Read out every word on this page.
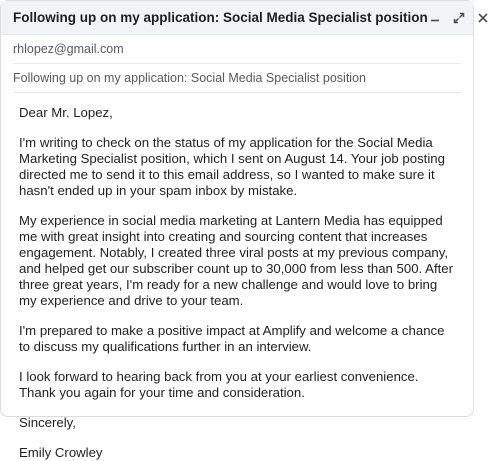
Following up on my application: Social Media Specialist position
rhlopez@gmail.com
Following up on my application: Social Media Specialist position

Dear Mr. Lopez,

I'm writing to check on the status of my application for the Social Media Marketing Specialist position, which I sent on August 14. Your job posting directed me to send it to this email address, so I wanted to make sure it hasn't ended up in your spam inbox by mistake.

My experience in social media marketing at Lantern Media has equipped me with great insight into creating and sourcing content that increases engagement. Notably, I created three viral posts at my previous company, and helped get our subscriber count up to 30,000 from less than 500. After three great years, I'm ready for a new challenge and would love to bring my experience and drive to your team.

I'm prepared to make a positive impact at Amplify and welcome a chance to discuss my qualifications further in an interview.

I look forward to hearing back from you at your earliest convenience. Thank you again for your time and consideration.

Sincerely,

Emily Crowley
